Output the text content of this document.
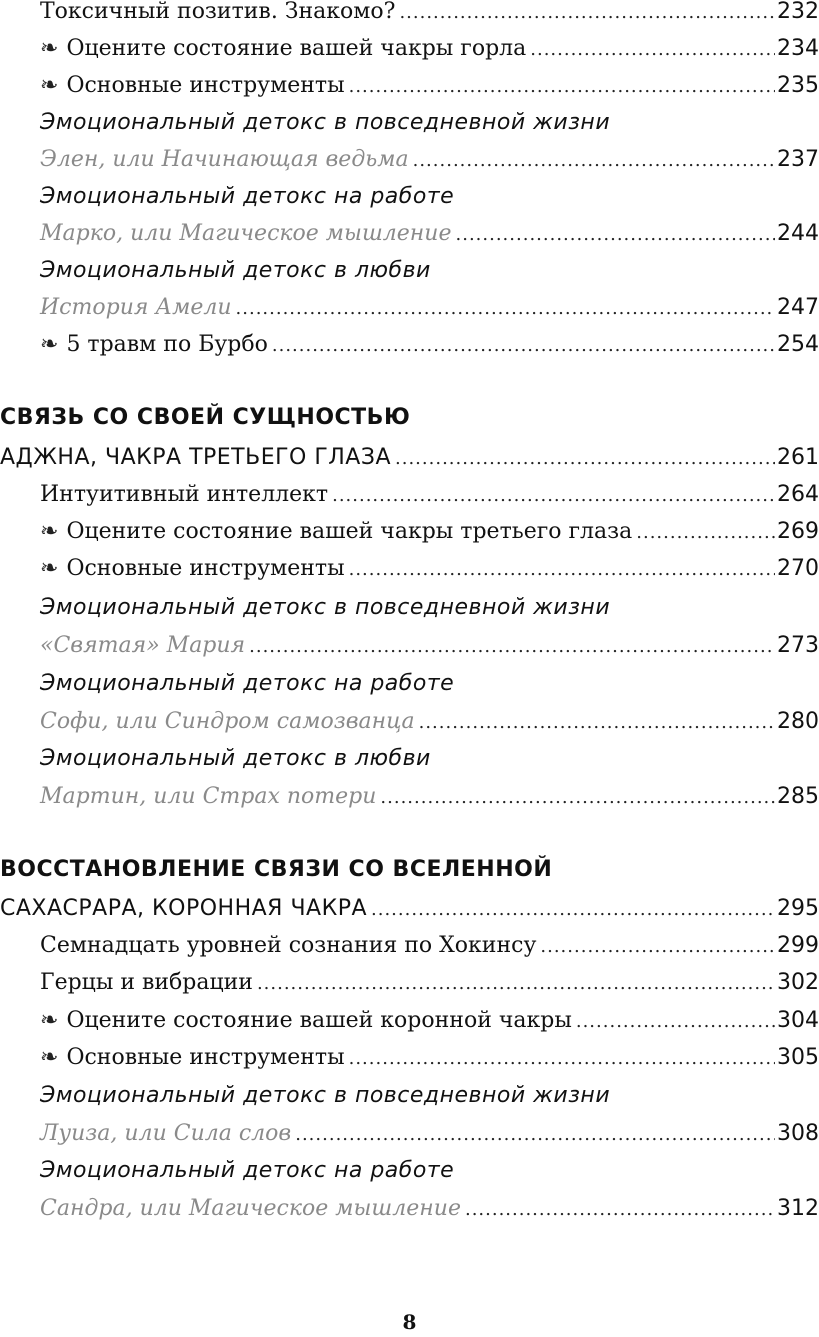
Токсичный позитив. Знакомо? .....	232
❧ Оцените состояние вашей чакры горла .....	234
❧ Основные инструменты .....	235
Эмоциональный детокс в повседневной жизни
Элен, или Начинающая ведьма .....	237
Эмоциональный детокс на работе
Марко, или Магическое мышление .....	244
Эмоциональный детокс в любви
История Амели .....	247
❧ 5 травм по Бурбо .....	254
СВЯЗЬ СО СВОЕЙ СУЩНОСТЬЮ
АДЖНА, ЧАКРА ТРЕТЬЕГО ГЛАЗА .....	261
Интуитивный интеллект .....	264
❧ Оцените состояние вашей чакры третьего глаза .....	269
❧ Основные инструменты .....	270
Эмоциональный детокс в повседневной жизни
«Святая» Мария .....	273
Эмоциональный детокс на работе
Софи, или Синдром самозванца .....	280
Эмоциональный детокс в любви
Мартин, или Страх потери .....	285
ВОССТАНОВЛЕНИЕ СВЯЗИ СО ВСЕЛЕННОЙ
САХАСРАРА, КОРОННАЯ ЧАКРА .....	295
Семнадцать уровней сознания по Хокинсу .....	299
Герцы и вибрации .....	302
❧ Оцените состояние вашей коронной чакры .....	304
❧ Основные инструменты .....	305
Эмоциональный детокс в повседневной жизни
Луиза, или Сила слов .....	308
Эмоциональный детокс на работе
Сандра, или Магическое мышление .....	312
8
